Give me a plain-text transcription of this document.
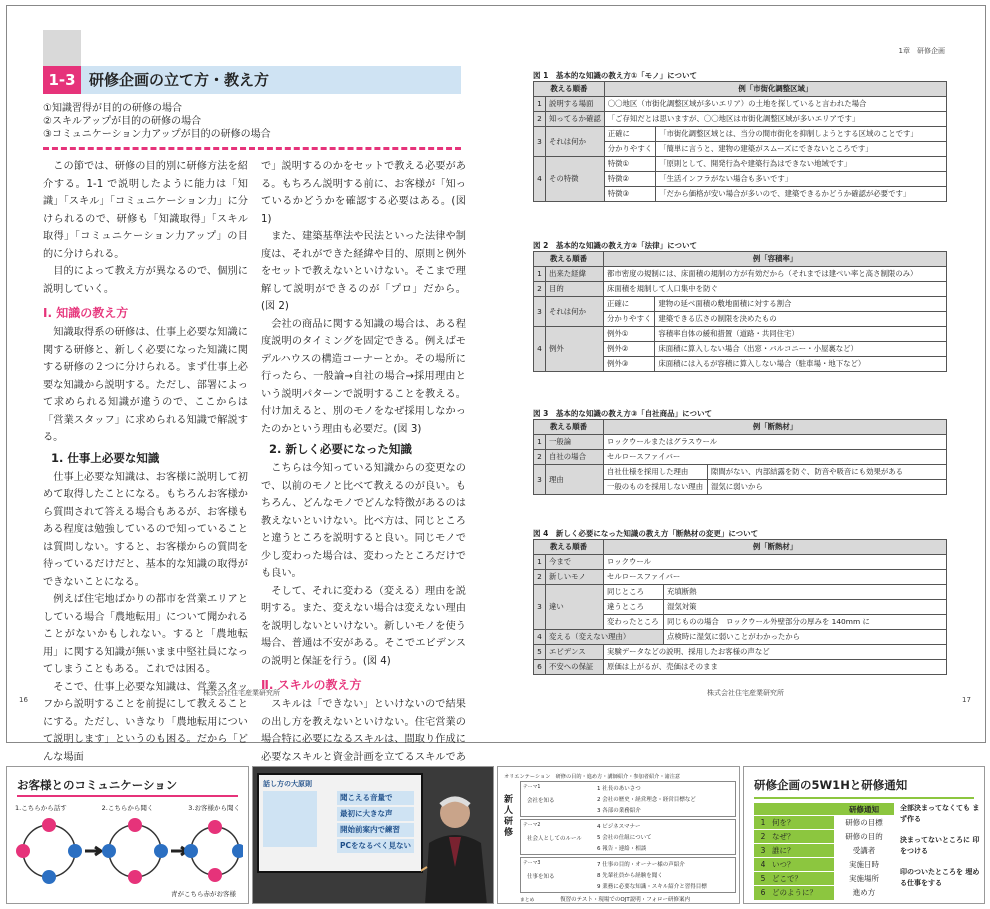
1-3 研修企画の立て方・教え方
①知識習得が目的の研修の場合
②スキルアップが目的の研修の場合
③コミュニケーション力アップが目的の研修の場合

この節では、研修の目的別に研修方法を紹介する。1-1 で説明したように能力は「知識」「スキル」「コミュニケーション力」に分けられるので、研修も「知識取得」「スキル取得」「コミュニケーション力アップ」の目的に分けられる。

目的によって教え方が異なるので、個別に説明していく。

Ⅰ. 知識の教え方

知識取得系の研修は、仕事上必要な知識に関する研修と、新しく必要になった知識に関する研修の２つに分けられる。まず仕事上必要な知識から説明する。ただし、部署によって求められる知識が違うので、ここからは「営業スタッフ」に求められる知識で解説する。

1. 仕事上必要な知識

仕事上必要な知識は、お客様に説明して初めて取得したことになる。もちろんお客様から質問されて答える場合もあるが、お客様もある程度は勉強しているので知っていることは質問しない。すると、お客様からの質問を待っているだけだと、基本的な知識の取得ができないことになる。

例えば住宅地ばかりの都市を営業エリアとしている場合「農地転用」について聞かれることがないかもしれない。すると「農地転用」に関する知識が無いまま中堅社員になってしまうこともある。これでは困る。

そこで、仕事上必要な知識は、営業スタッフから説明することを前提にして教えることにする。ただし、いきなり「農地転用について説明します」というのも困る。だから「どんな場面

で」説明するのかをセットで教える必要がある。もちろん説明する前に、お客様が「知っているかどうかを確認する必要はある。(図 1)

また、建築基準法や民法といった法律や制度は、それができた経緯や目的、原則と例外をセットで教えないといけない。そこまで理解して説明ができるのが「プロ」だから。(図 2)

会社の商品に関する知識の場合は、ある程度説明のタイミングを固定できる。例えばモデルハウスの構造コーナーとか。その場所に行ったら、一般論→自社の場合→採用理由という説明パターンで説明することを教える。付け加えると、別のモノをなぜ採用しなかったのかという理由も必要だ。(図 3)

2. 新しく必要になった知識

こちらは今知っている知識からの変更なので、以前のモノと比べて教えるのが良い。もちろん、どんなモノでどんな特徴があるのは教えないといけない。比べ方は、同じところと違うところを説明すると良い。同じモノで少し変わった場合は、変わったところだけでも良い。

そして、それに変わる（変える）理由を説明する。また、変えない場合は変えない理由を説明しないといけない。新しいモノを使う場合、普通は不安がある。そこでエビデンスの説明と保証を行う。(図 4)

Ⅱ. スキルの教え方

スキルは「できない」といけないので結果の出し方を教えないといけない。住宅営業の場合特に必要になるスキルは、間取り作成に必要なスキルと資金計画を立てるスキルであ

16
株式会社住宅産業研究所
1章　研修企画
図 1　基本的な知識の教え方①「モノ」について
教える順番		例「市街化調整区域」	
1	説明する場面	〇〇地区（市街化調整区域が多いエリア）の土地を探していると言われた場合	
2	知ってるか確認	「ご存知だとは思いますが、〇〇地区は市街化調整区域が多いエリアです」	
3	それは何か	正確に	「市街化調整区域とは、当分の間市街化を抑制しようとする区域のことです」
		分かりやすく	「簡単に言うと、建物の建築がスムーズにできないところです」
4	その特徴	特徴①	「原則として、開発行為や建築行為はできない地域です」
		特徴②	「生活インフラがない場合も多いです」
		特徴③	「だから価格が安い場合が多いので、建築できるかどうか確認が必要です」
図 2　基本的な知識の教え方②「法律」について
教える順番		例「容積率」	
1	出来た経緯	都市密度の規制には、床面積の規制の方が有効だから（それまでは建ぺい率と高さ制限のみ）	
2	目的	床面積を規制して人口集中を防ぐ	
3	それは何か	正確に	建物の延べ面積の敷地面積に対する割合
		分かりやすく	建築できる広さの制限を決めたもの
4	例外	例外①	容積率自体の緩和措置（道路・共同住宅）
		例外②	床面積に算入しない場合（出窓・バルコニー・小屋裏など）
		例外③	床面積には入るが容積に算入しない場合（駐車場・地下など）
図 3　基本的な知識の教え方③「自社商品」について
教える順番		例「断熱材」	
1	一般論	ロックウールまたはグラスウール	
2	自社の場合	セルロースファイバー	
3	理由	自社仕様を採用した理由	隙間がない、内部結露を防ぐ、防音や吸音にも効果がある
		一般のものを採用しない理由	湿気に弱いから
図 4　新しく必要になった知識の教え方「断熱材の変更」について
教える順番		例「断熱材」	
1	今まで	ロックウール	
2	新しいモノ	セルロースファイバー	
3	違い	同じところ	充填断熱
		違うところ	湿気対策
		変わったところ	同じものの場合　ロックウール外壁部分の厚みを 140mm に
4	変える（変えない理由）		点検時に湿気に弱いことがわかったから
5	エビデンス	実験データなどの説明、採用したお客様の声など	
6	不安への保証	原価は上がるが、売価はそのまま	
株式会社住宅産業研究所
17
お客様とのコミュニケーション
1.こちらから話す	2.こちらから聞く	3.お客様から聞く
青がこちら赤がお客様
話し方の大原則
聞こえる音量で
最初に大きな声
開始前案内で練習
PCをなるべく見ない
オリエンテーション　研修の目的・進め方・講師紹介・参加者紹介・諸注意
新人研修
テーマ1
会社を知る
1 社長のあいさつ
2 会社の歴史・経営理念・経営目標など
3 各部の業務紹介
テーマ2
社会人としてのルール
4 ビジネスマナー
5 会社の仕組について
6 報告・連絡・相談
テーマ3
仕事を知る
7 仕事の目的・オーナー様の声紹介
8 先輩社員から経験を聞く
9 業務に必要な知識・スキル紹介と習得目標
まとめ	復習のテスト・現場でのOJT説明・フォロー研修案内
研修企画の5W1Hと研修通知
研修通知
1 何を？	研修の目標
2 なぜ？	研修の目的
3 誰に？	受講者
4 いつ？	実施日時
5 どこで？	実施場所
6 どのように？	進め方
全部決まってなくても まず作る
決まってないところに 印をつける
印のついたところを 埋める仕事をする
